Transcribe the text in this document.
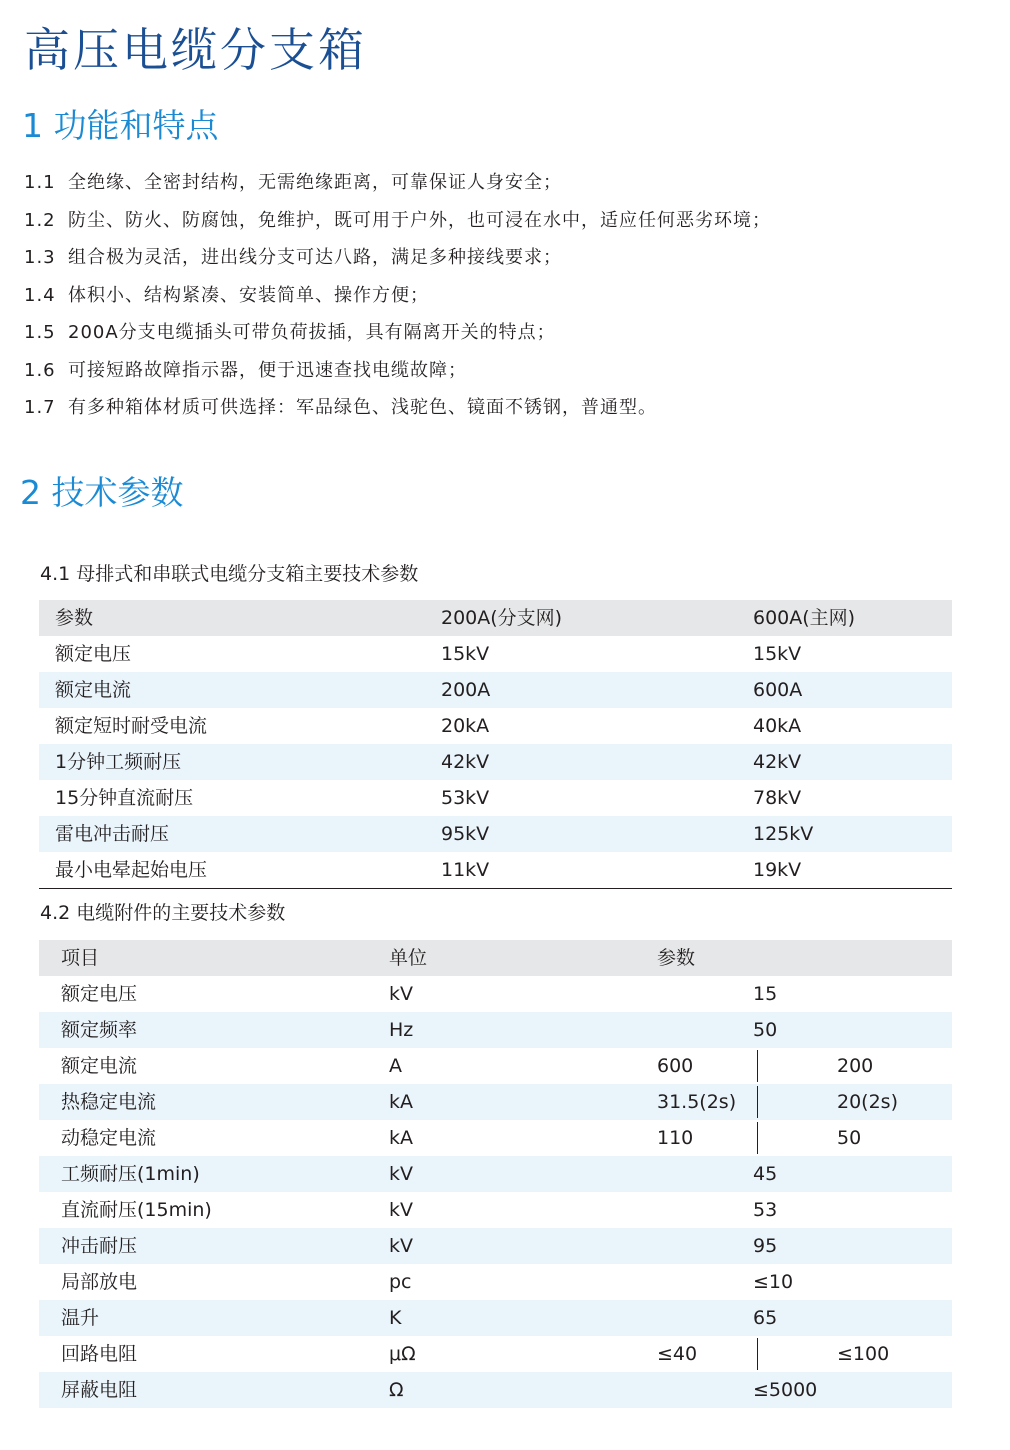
高压电缆分支箱
1 功能和特点
1.1 全绝缘、全密封结构，无需绝缘距离，可靠保证人身安全；
1.2 防尘、防火、防腐蚀，免维护，既可用于户外，也可浸在水中，适应任何恶劣环境；
1.3 组合极为灵活，进出线分支可达八路，满足多种接线要求；
1.4 体积小、结构紧凑、安装简单、操作方便；
1.5 200A分支电缆插头可带负荷拔插，具有隔离开关的特点；
1.6 可接短路故障指示器，便于迅速查找电缆故障；
1.7 有多种箱体材质可供选择：军品绿色、浅驼色、镜面不锈钢，普通型。
2 技术参数
4.1 母排式和串联式电缆分支箱主要技术参数
参数	200A(分支网)	600A(主网)
额定电压	15kV	15kV
额定电流	200A	600A
额定短时耐受电流	20kA	40kA
1分钟工频耐压	42kV	42kV
15分钟直流耐压	53kV	78kV
雷电冲击耐压	95kV	125kV
最小电晕起始电压	11kV	19kV
4.2 电缆附件的主要技术参数
项目	单位	参数
额定电压	kV	15

额定频率	Hz	50

额定电流	A	600 200

热稳定电流	kA	31.5(2s) 20(2s)

动稳定电流	kA	110 50

工频耐压(1min)	kV	45

直流耐压(15min)	kV	53

冲击耐压	kV	95

局部放电	pc	≤10

温升	K	65

回路电阻	μΩ	≤40 ≤100

屏蔽电阻	Ω	≤5000
